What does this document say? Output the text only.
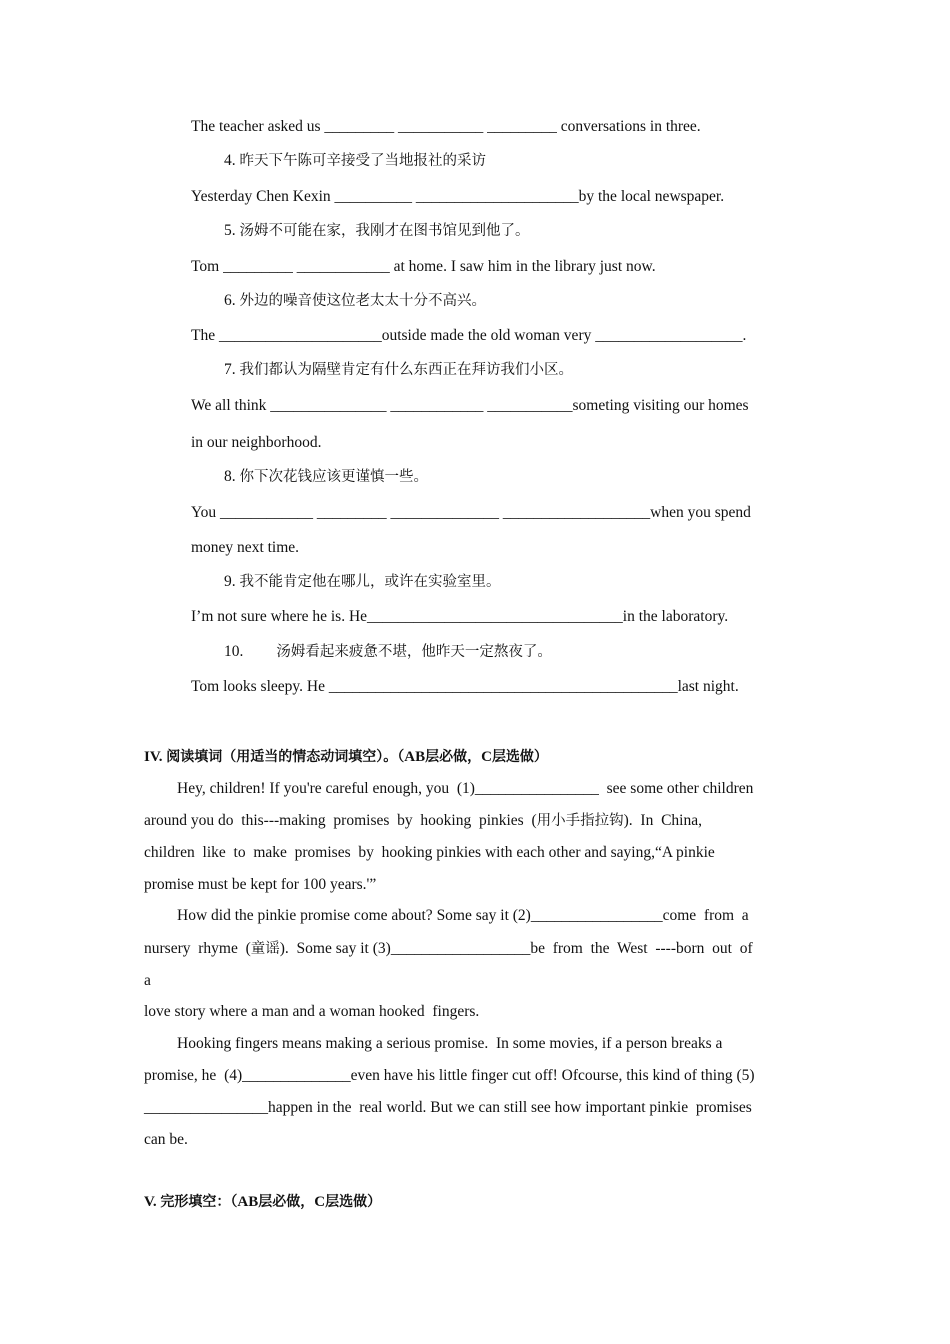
The teacher asked us _________ ___________ _________ conversations in three.
4. 昨天下午陈可辛接受了当地报社的采访
Yesterday Chen Kexin __________ _____________________by the local newspaper.
5. 汤姆不可能在家，我刚才在图书馆见到他了。
Tom _________ ____________ at home. I saw him in the library just now.
6. 外边的噪音使这位老太太十分不高兴。
The _____________________outside made the old woman very ___________________.
7. 我们都认为隔壁肯定有什么东西正在拜访我们小区。
We all think _______________ ____________ ___________someting visiting our homes
in our neighborhood.
8. 你下次花钱应该更谨慎一些。
You ____________ _________ ______________ ___________________when you spend
money next time.
9. 我不能肯定他在哪儿，或许在实验室里。
I’m not sure where he is. He_________________________________in the laboratory.
10. 汤姆看起来疲惫不堪，他昨天一定熬夜了。
Tom looks sleepy. He _____________________________________________last night.
IV. 阅读填词（用适当的情态动词填空）。（AB层必做，C层选做）
Hey, children! If you're careful enough, you  (1)________________  see some other children
around you do  this---making  promises  by  hooking  pinkies  (用小手指拉钩).  In  China,
children  like  to  make  promises  by  hooking pinkies with each other and saying,“A pinkie
promise must be kept for 100 years.'”
How did the pinkie promise come about? Some say it (2)_________________come  from  a
nursery  rhyme  (童谣).  Some say it (3)__________________be  from  the  West  ----born  out  of
a
love story where a man and a woman hooked  fingers.
Hooking fingers means making a serious promise.  In some movies, if a person breaks a
promise, he  (4)______________even have his little finger cut off! Ofcourse, this kind of thing (5)
________________happen in the  real world. But we can still see how important pinkie  promises
can be.
V. 完形填空：（AB层必做，C层选做）
